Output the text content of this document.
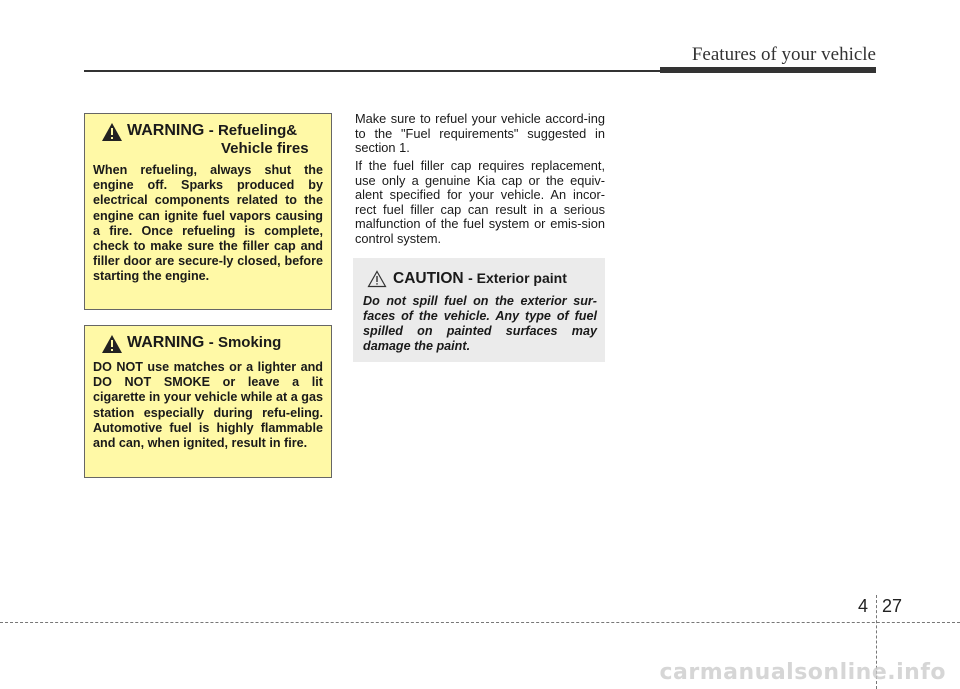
Features of your vehicle
WARNING - Refueling&
Vehicle fires
When refueling, always shut the engine off. Sparks produced by electrical components related to the engine can ignite fuel vapors causing a fire. Once refueling is complete, check to make sure the filler cap and filler door are secure-ly closed, before starting the engine.
WARNING - Smoking
DO NOT use matches or a lighter and DO NOT SMOKE or leave a lit cigarette in your vehicle while at a gas station especially during refu-eling. Automotive fuel is highly flammable and can, when ignited, result in fire.
Make sure to refuel your vehicle accord-ing to the "Fuel requirements" suggested in section 1.
If the fuel filler cap requires replacement, use only a genuine Kia cap or the equiv-alent specified for your vehicle. An incor-rect fuel filler cap can result in a serious malfunction of the fuel system or emis-sion control system.
CAUTION - Exterior paint
Do not spill fuel on the exterior sur-faces of the vehicle. Any type of fuel spilled on painted surfaces may damage the paint.
4 27
carmanualsonline.info
